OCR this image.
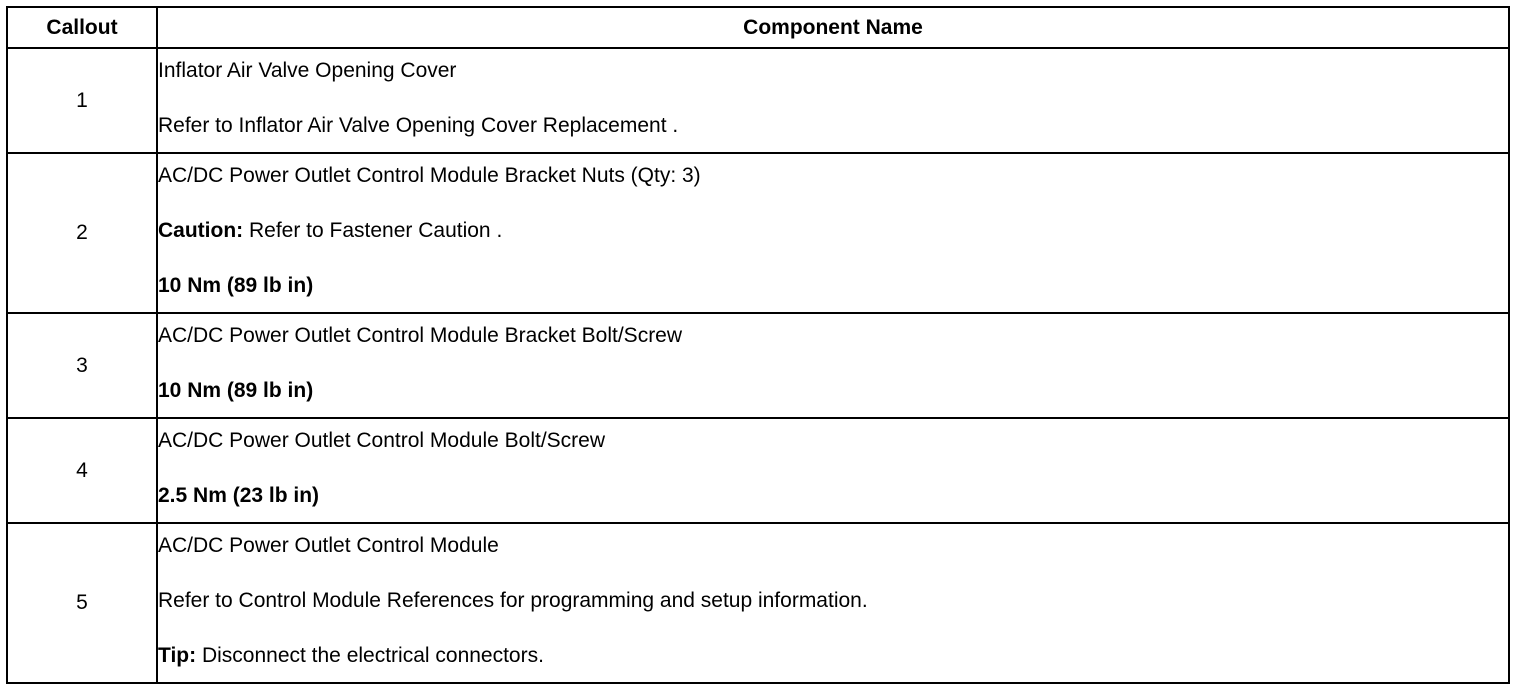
Callout	Component Name
1	Inflator Air Valve Opening Cover

Refer to Inflator Air Valve Opening Cover Replacement .

2	AC/DC Power Outlet Control Module Bracket Nuts (Qty: 3)

Caution: Refer to Fastener Caution .

10 Nm (89 lb in)

3	AC/DC Power Outlet Control Module Bracket Bolt/Screw

10 Nm (89 lb in)

4	AC/DC Power Outlet Control Module Bolt/Screw

2.5 Nm (23 lb in)

5	AC/DC Power Outlet Control Module

Refer to Control Module References for programming and setup information.

Tip: Disconnect the electrical connectors.
